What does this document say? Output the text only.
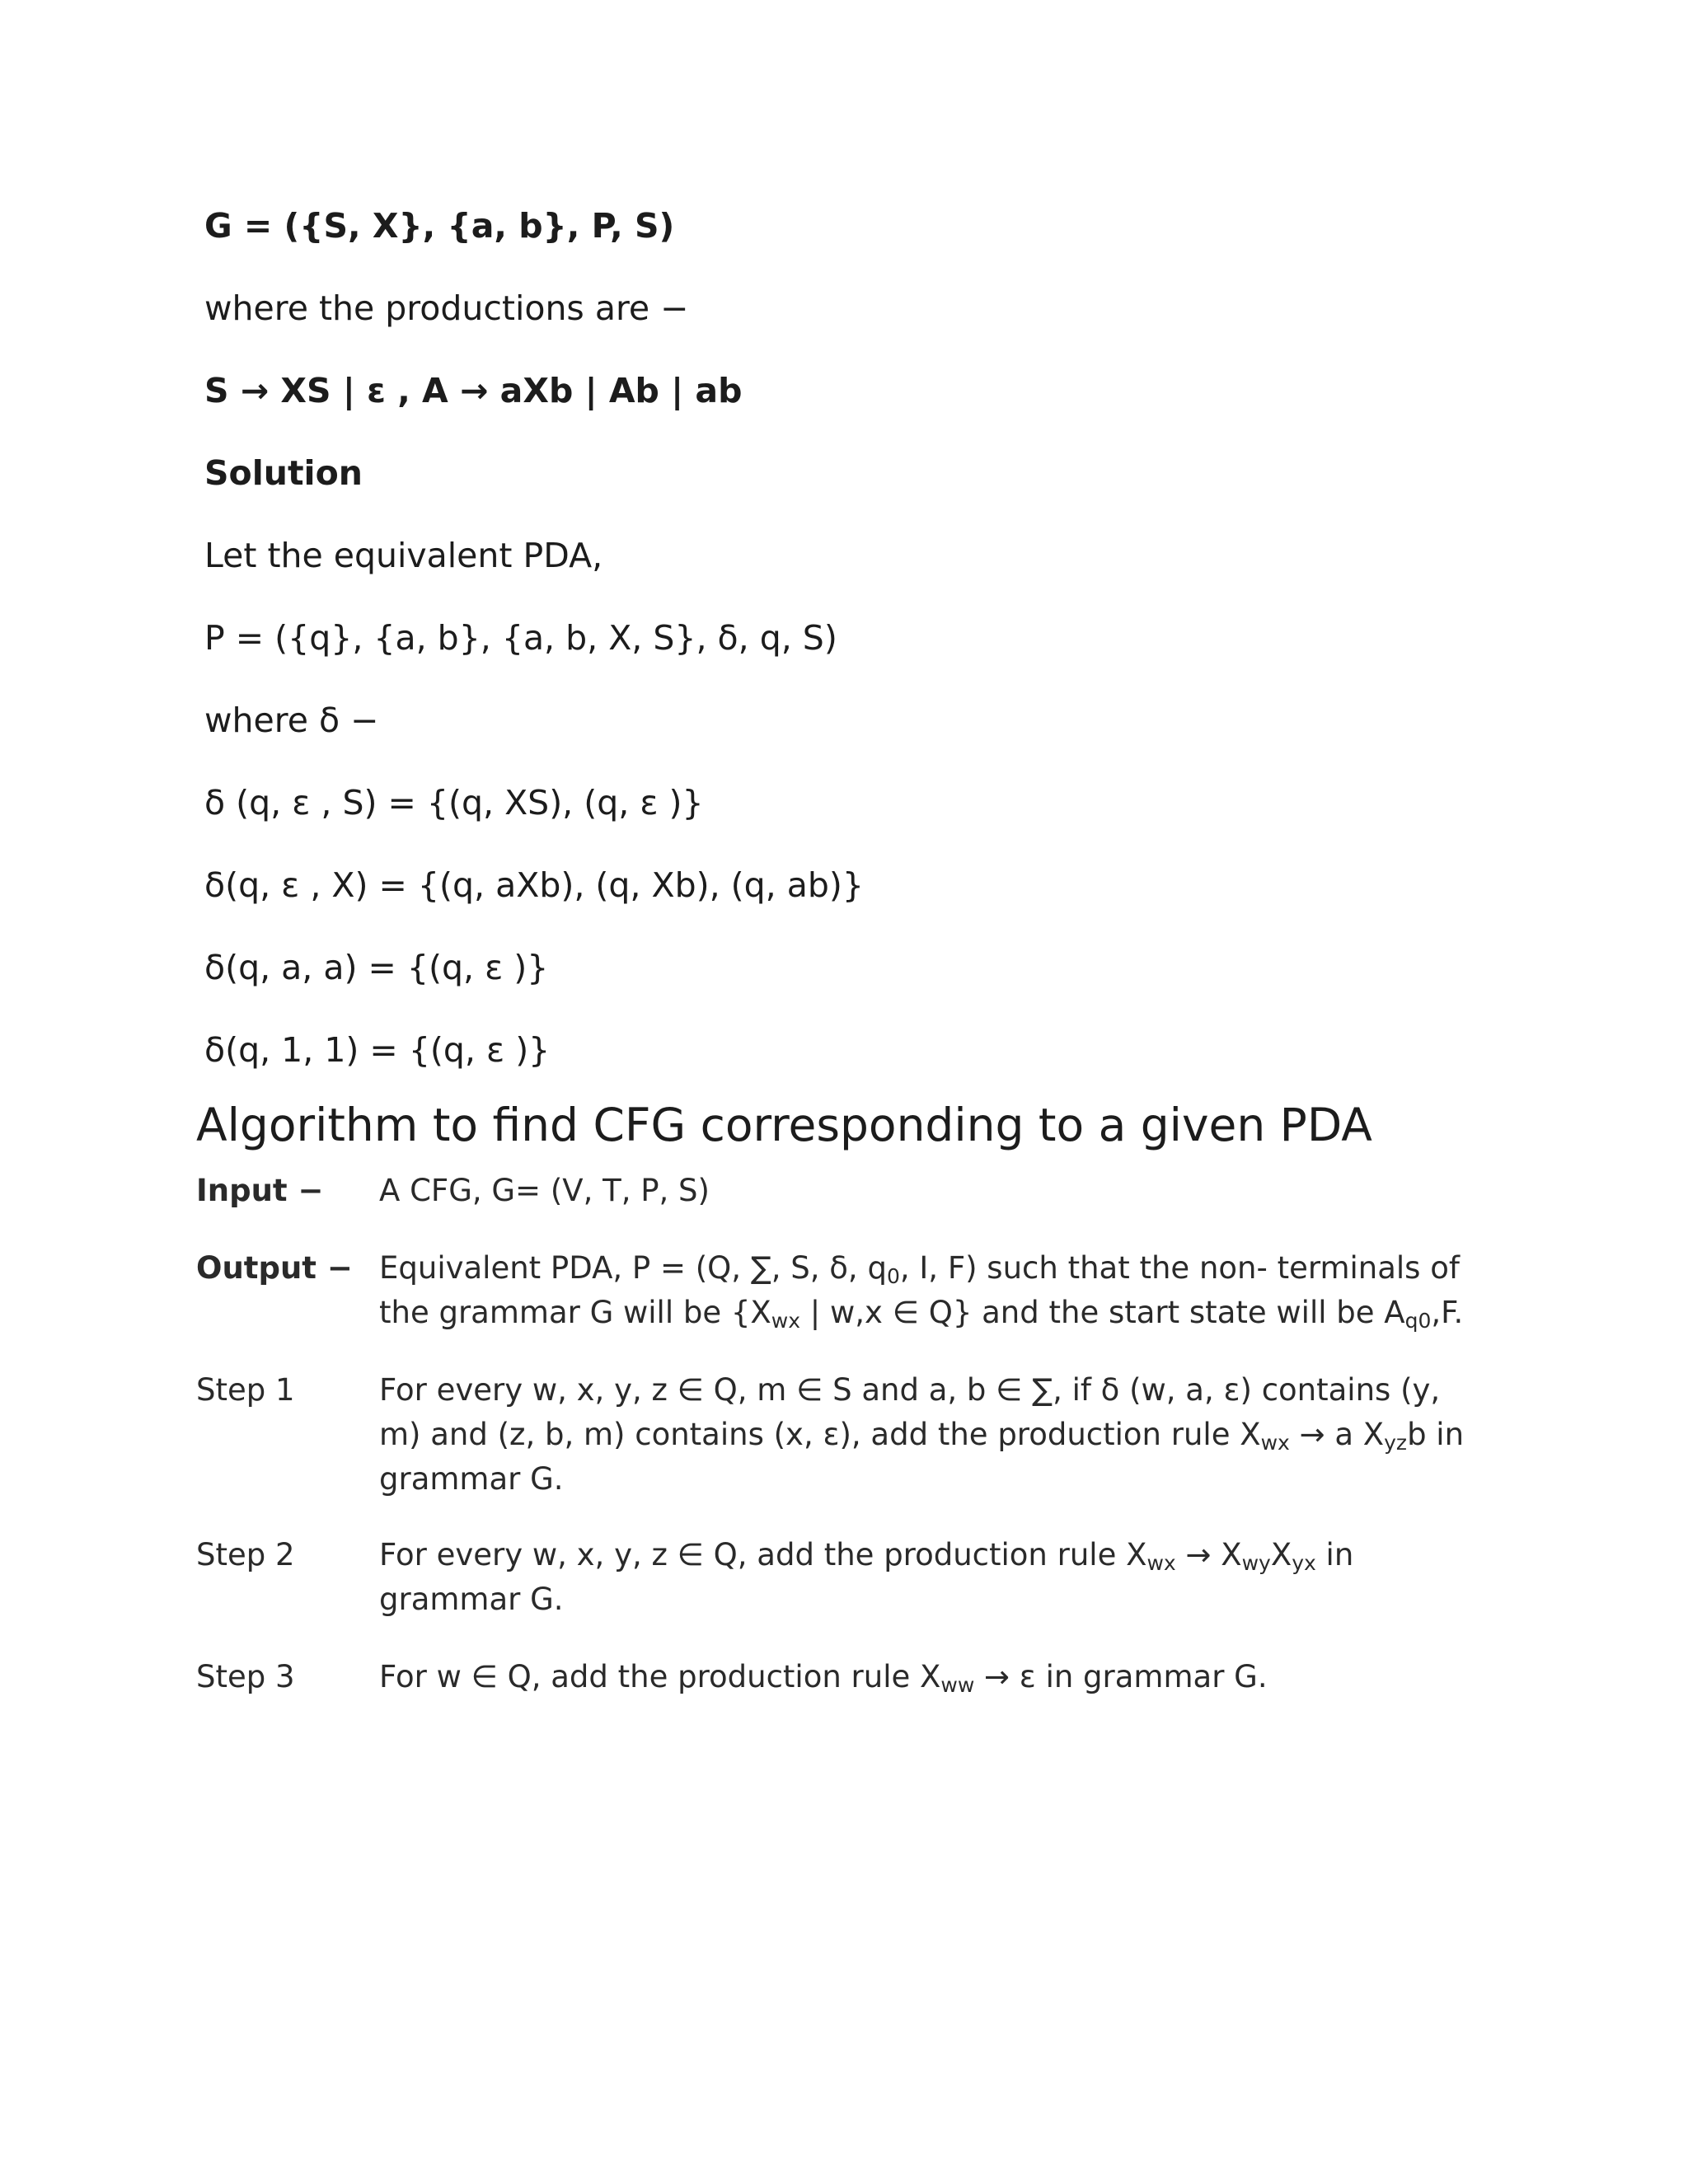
G = ({S, X}, {a, b}, P, S)
where the productions are −
S → XS | ε , A → aXb | Ab | ab
Solution
Let the equivalent PDA,
P = ({q}, {a, b}, {a, b, X, S}, δ, q, S)
where δ −
δ (q, ε , S) = {(q, XS), (q, ε )}
δ(q, ε , X) = {(q, aXb), (q, Xb), (q, ab)}
δ(q, a, a) = {(q, ε )}
δ(q, 1, 1) = {(q, ε )}
Algorithm to find CFG corresponding to a given PDA
Input −	A CFG, G= (V, T, P, S)
Output − Equivalent PDA, P = (Q, ∑, S, δ, $q_0$, I, F) such that the non- terminals of the grammar G will be {$X_{wx}$ | w,x ∈ Q} and the start state will be $A_{q0},F$.
Step 1	For every w, x, y, z ∈ Q, m ∈ S and a, b ∈ ∑, if δ (w, a, ε) contains (y, m) and (z, b, m) contains (x, ε), add the production rule $X_{wx} \to a$ $X_{yz}b$ in grammar G.
Step 2	For every w, x, y, z ∈ Q, add the production rule $X_{wx} \to X_{wy}X_{yx}$ in grammar G.
Step 3	For w ∈ Q, add the production rule $X_{ww} \to \varepsilon$ in grammar G.
